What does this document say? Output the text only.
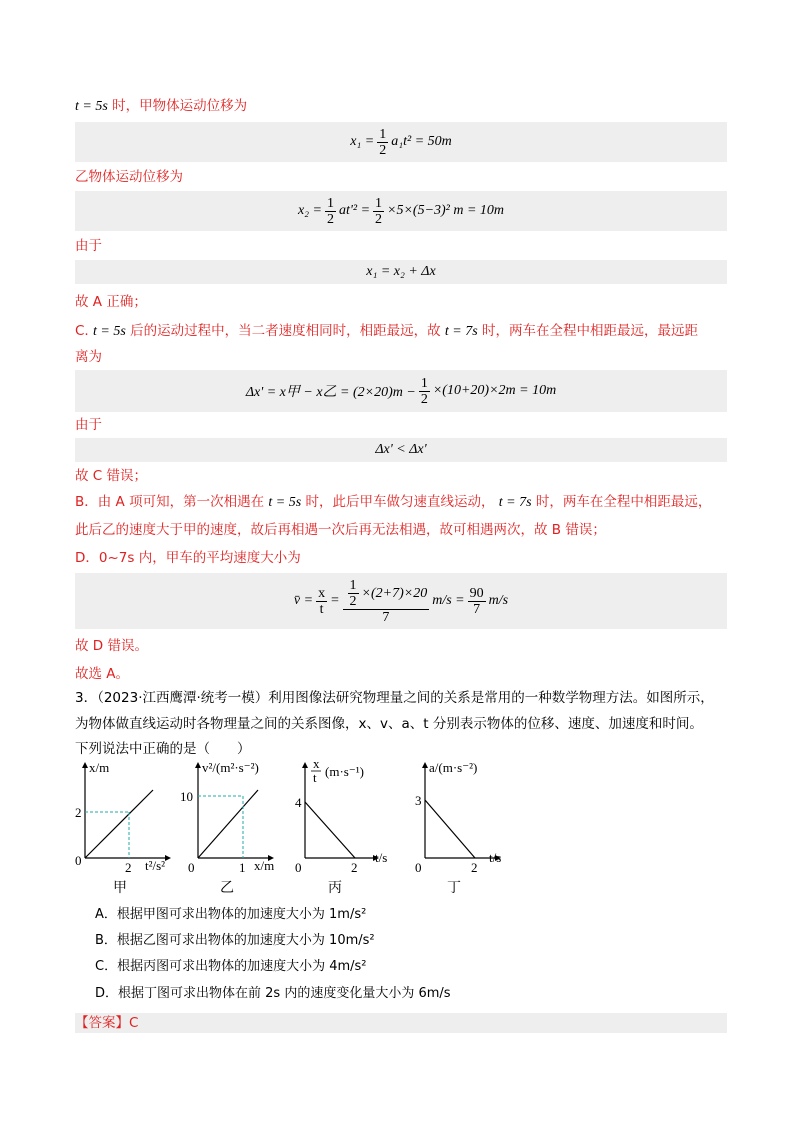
t = 5s 时，甲物体运动位移为
$x_1 = \frac{1}{2} a_1t^2 = 50m$
乙物体运动位移为
$x_2 = \frac{1}{2} at'^2 = \frac{1}{2} \times 5\times(5-3)^2$ m = 10m
由于
x₁ = x₂ + Δx
故 A 正确；
C. t = 5s 后的运动过程中，当二者速度相同时，相距最远，故 t = 7s 时，两车在全程中相距最远，最远距
离为
Δx' = x甲 − x乙 = $(2\times 20)m - \frac{1}{2} \times(10+20)\times 2m = 10m$
由于
Δx' < Δx'
故 C 错误；
B．由 A 项可知，第一次相遇在 t = 5s 时，此后甲车做匀速直线运动， t = 7s 时，两车在全程中相距最远，
此后乙的速度大于甲的速度，故后再相遇一次后再无法相遇，故可相遇两次，故 B 错误；
D．0~7s 内，甲车的平均速度大小为
v̄ = $\frac{x}{t} = \frac{\frac{1}{2} \times(2+7)\times 20}{7} m/s = \frac{90}{7} m/s$
故 D 错误。
故选 A。
3．（2023·江西鹰潭·统考一模）利用图像法研究物理量之间的关系是常用的一种数学物理方法。如图所示，
为物体做直线运动时各物理量之间的关系图像，x、v、a、t 分别表示物体的位移、速度、加速度和时间。
下列说法中正确的是（　　）
x/m
2
2
0	t²/s²
甲
v²/(m²·s⁻²)
10
1
0	x/m
乙
x
t (m·s⁻¹)
4
2
0
t/s
丙
a/(m·s⁻²)
3
2
0
t/s
丁
A．根据甲图可求出物体的加速度大小为 1m/s²
B．根据乙图可求出物体的加速度大小为 10m/s²
C．根据丙图可求出物体的加速度大小为 4m/s²
D．根据丁图可求出物体在前 2s 内的速度变化量大小为 6m/s
【答案】C
